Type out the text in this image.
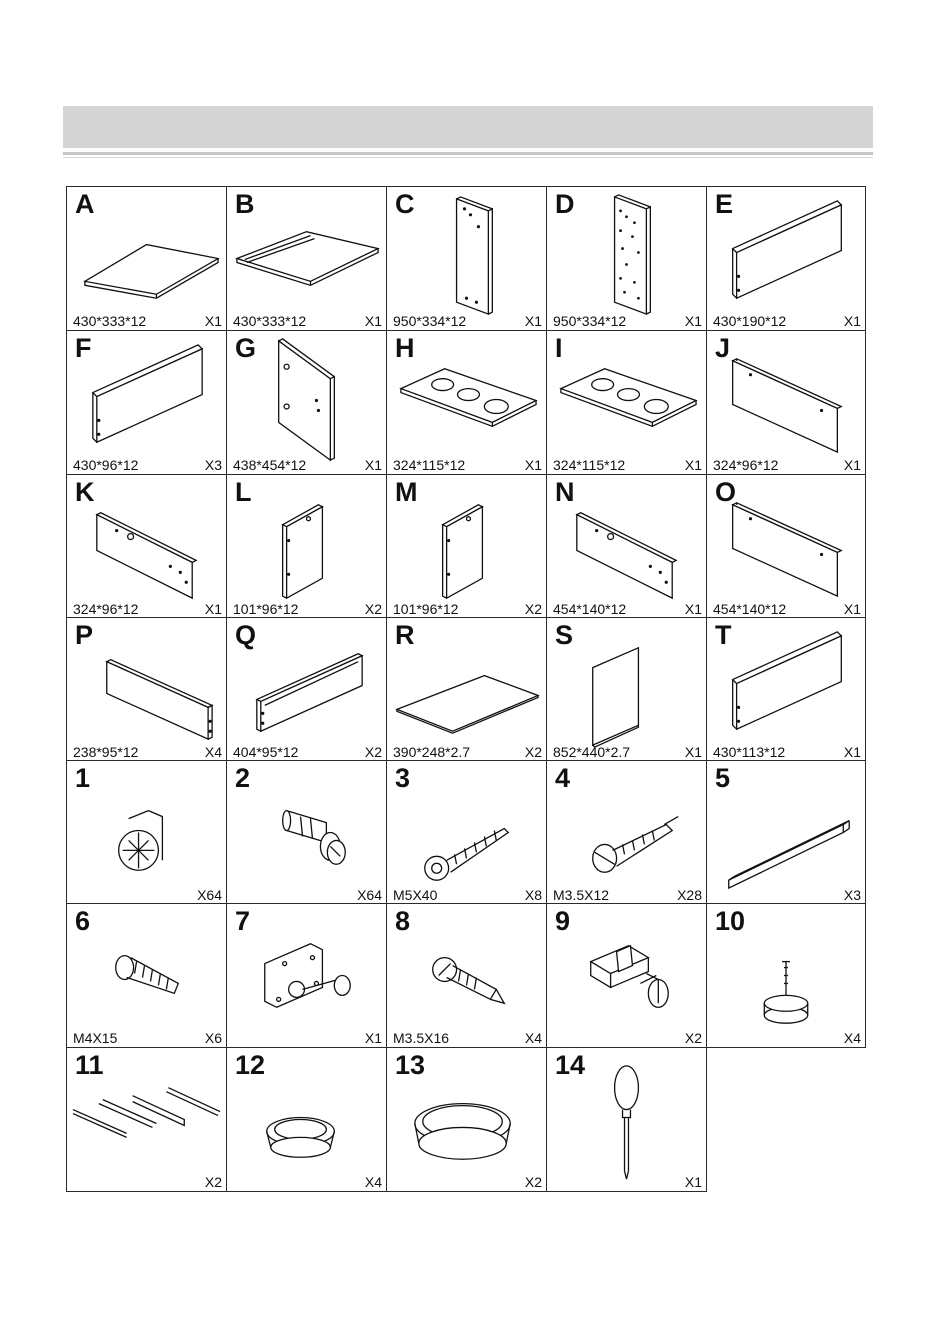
A
430*333*12	X1
B
430*333*12	X1
C
950*334*12	X1
D
950*334*12	X1
E
430*190*12	X1
F
430*96*12	X3
G
438*454*12	X1
H
324*115*12	X1
I
324*115*12	X1
J
324*96*12	X1
K
324*96*12	X1
L
101*96*12	X2
M
101*96*12	X2
N
454*140*12	X1
O
454*140*12	X1
P
238*95*12	X4
Q
404*95*12	X2
R
390*248*2.7	X2
S
852*440*2.7	X1
T
430*113*12	X1
1
X64
2
X64
3
M5X40	X8
4
M3.5X12	X28
5
X3
6
M4X15	X6
7
X1
8
M3.5X16	X4
9
X2
10
X4
11
X2
12
X4
13
X2
14
X1
